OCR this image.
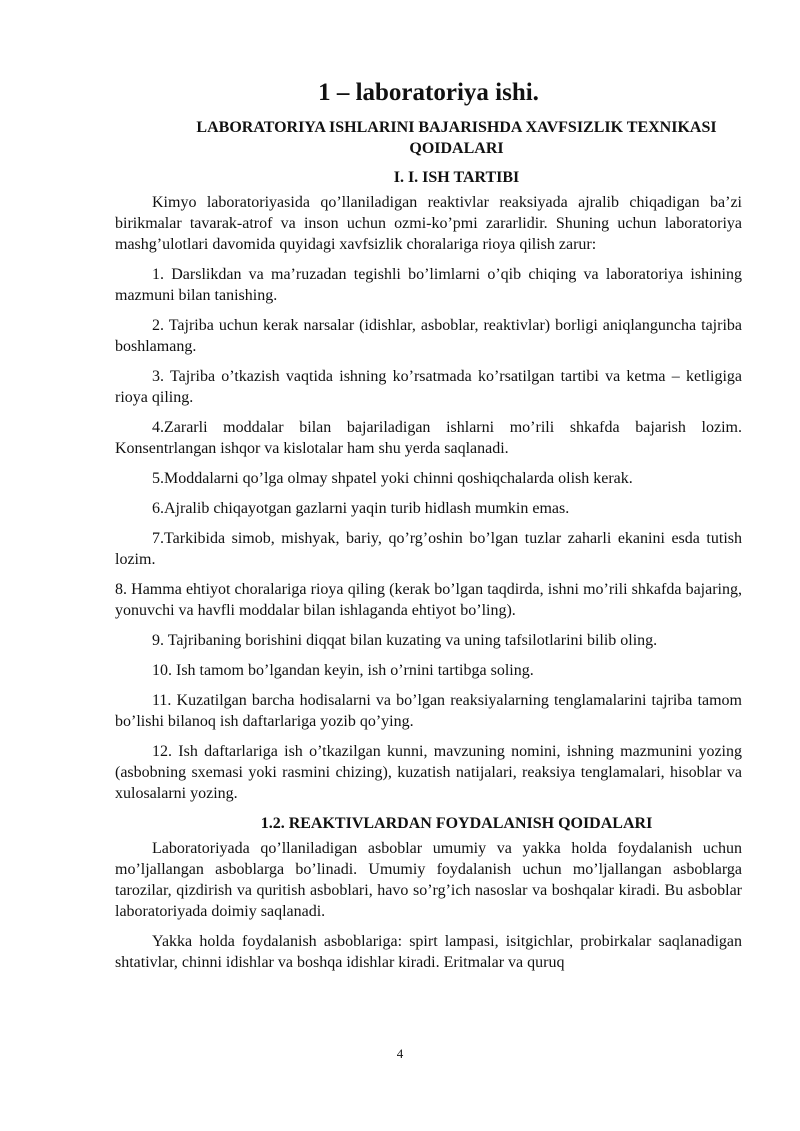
1 – laboratoriya ishi.
LABORATORIYA ISHLARINI BAJARISHDA XAVFSIZLIK TEXNIKASI QOIDALARI
I. I. ISH TARTIBI

Kimyo laboratoriyasida qo’llaniladigan reaktivlar reaksiyada ajralib chiqadigan ba’zi birikmalar tavarak-atrof va inson uchun ozmi-ko’pmi zararlidir. Shuning uchun laboratoriya mashg’ulotlari davomida quyidagi xavfsizlik choralariga rioya qilish zarur:

1. Darslikdan va ma’ruzadan tegishli bo’limlarni o’qib chiqing va laboratoriya ishining mazmuni bilan tanishing.

2. Tajriba uchun kerak narsalar (idishlar, asboblar, reaktivlar) borligi aniqlanguncha tajriba boshlamang.

3. Tajriba o’tkazish vaqtida ishning ko’rsatmada ko’rsatilgan tartibi va ketma – ketligiga rioya qiling.

4.Zararli moddalar bilan bajariladigan ishlarni mo’rili shkafda bajarish lozim. Konsentrlangan ishqor va kislotalar ham shu yerda saqlanadi.

5.Moddalarni qo’lga olmay shpatel yoki chinni qoshiqchalarda olish kerak.

6.Ajralib chiqayotgan gazlarni yaqin turib hidlash mumkin emas.

7.Tarkibida simob, mishyak, bariy, qo’rg’oshin bo’lgan tuzlar zaharli ekanini esda tutish lozim.

8. Hamma ehtiyot choralariga rioya qiling (kerak bo’lgan taqdirda, ishni mo’rili shkafda bajaring, yonuvchi va havfli moddalar bilan ishlaganda ehtiyot bo’ling).

9. Tajribaning borishini diqqat bilan kuzating va uning tafsilotlarini bilib oling.

10. Ish tamom bo’lgandan keyin, ish o’rnini tartibga soling.

11. Kuzatilgan barcha hodisalarni va bo’lgan reaksiyalarning tenglamalarini tajriba tamom bo’lishi bilanoq ish daftarlariga yozib qo’ying.

12. Ish daftarlariga ish o’tkazilgan kunni, mavzuning nomini, ishning mazmunini yozing (asbobning sxemasi yoki rasmini chizing), kuzatish natijalari, reaksiya tenglamalari, hisoblar va xulosalarni yozing.

1.2. REAKTIVLARDAN FOYDALANISH QOIDALARI

Laboratoriyada qo’llaniladigan asboblar umumiy va yakka holda foydalanish uchun mo’ljallangan asboblarga bo’linadi. Umumiy foydalanish uchun mo’ljallangan asboblarga tarozilar, qizdirish va quritish asboblari, havo so’rg’ich nasoslar va boshqalar kiradi. Bu asboblar laboratoriyada doimiy saqlanadi.

Yakka holda foydalanish asboblariga: spirt lampasi, isitgichlar, probirkalar saqlanadigan shtativlar, chinni idishlar va boshqa idishlar kiradi. Eritmalar va quruq

4
